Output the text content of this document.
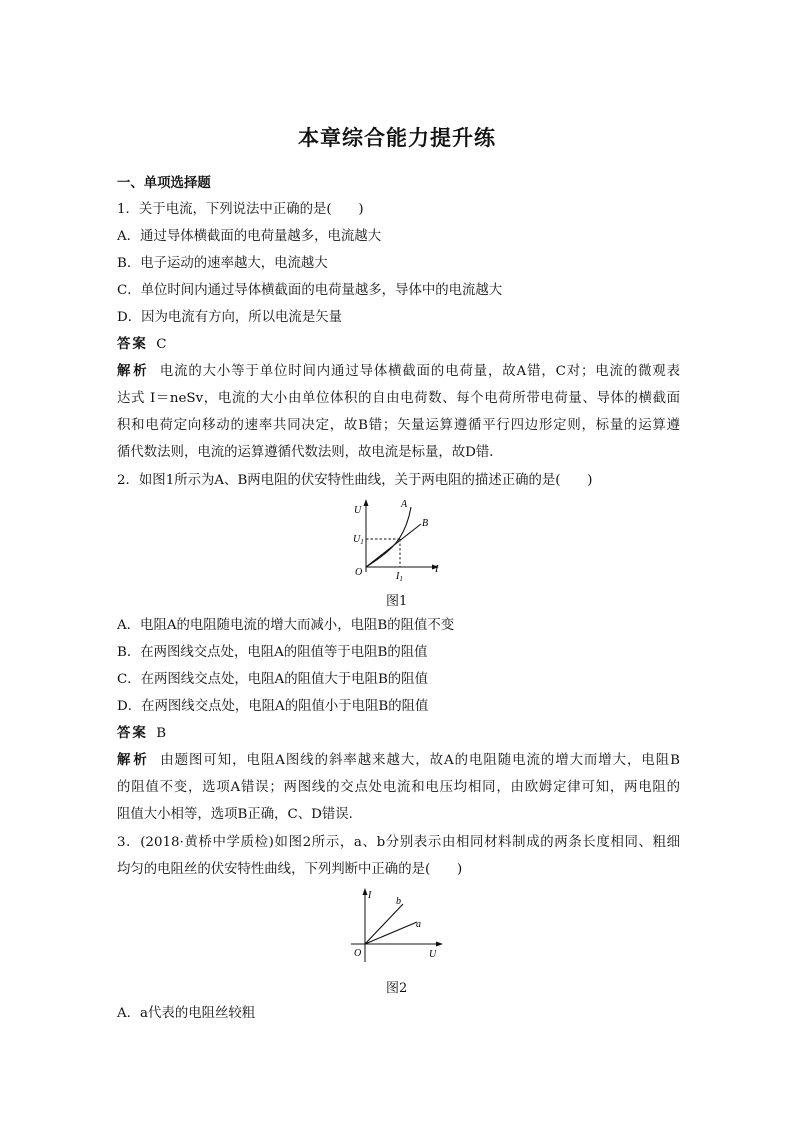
本章综合能力提升练
一、单项选择题
1．关于电流，下列说法中正确的是(　　)
A．通过导体横截面的电荷量越多，电流越大
B．电子运动的速率越大，电流越大
C．单位时间内通过导体横截面的电荷量越多，导体中的电流越大
D．因为电流有方向，所以电流是矢量
答案 C
解析 电流的大小等于单位时间内通过导体横截面的电荷量，故A错，C对；电流的微观表
达式 I＝neSv，电流的大小由单位体积的自由电荷数、每个电荷所带电荷量、导体的横截面
积和电荷定向移动的速率共同决定，故B错；矢量运算遵循平行四边形定则，标量的运算遵
循代数法则，电流的运算遵循代数法则，故电流是标量，故D错．
2．如图1所示为A、B两电阻的伏安特性曲线，关于两电阻的描述正确的是(　　)
U
I
O
A
B
$U_1$
$I_1$
图1
A．电阻A的电阻随电流的增大而减小，电阻B的阻值不变
B．在两图线交点处，电阻A的阻值等于电阻B的阻值
C．在两图线交点处，电阻A的阻值大于电阻B的阻值
D．在两图线交点处，电阻A的阻值小于电阻B的阻值
答案 B
解析 由题图可知，电阻A图线的斜率越来越大，故A的电阻随电流的增大而增大，电阻B
的阻值不变，选项A错误；两图线的交点处电流和电压均相同，由欧姆定律可知，两电阻的
阻值大小相等，选项B正确，C、D错误．
3．(2018·黄桥中学质检)如图2所示，a、b分别表示由相同材料制成的两条长度相同、粗细
均匀的电阻丝的伏安特性曲线，下列判断中正确的是(　　)
I
U
O
b
a
图2
A．a代表的电阻丝较粗
